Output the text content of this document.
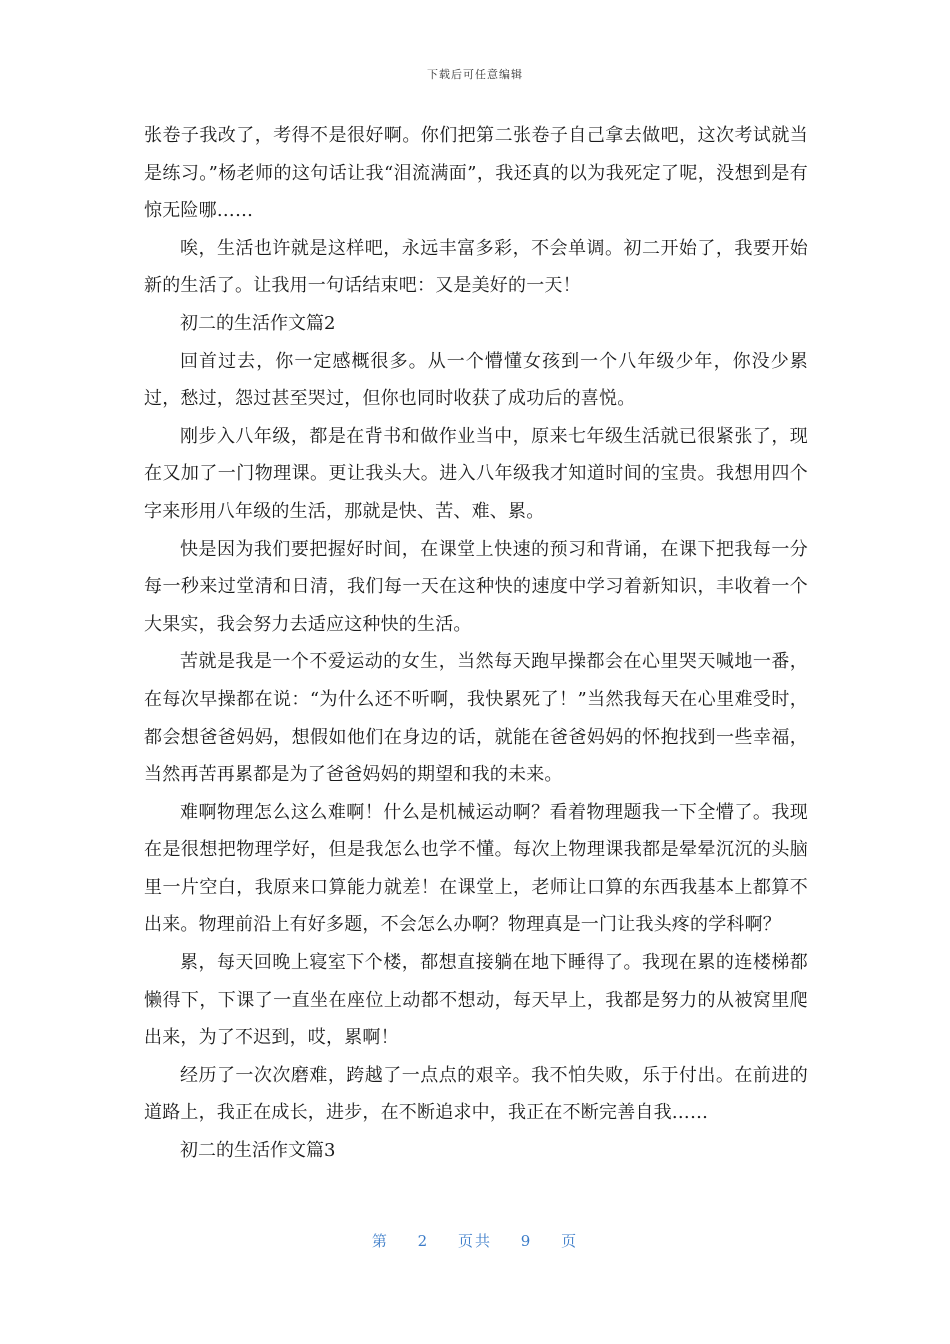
下载后可任意编辑

张卷子我改了，考得不是很好啊。你们把第二张卷子自己拿去做吧，这次考试就当是练习。”杨老师的这句话让我“泪流满面”，我还真的以为我死定了呢，没想到是有惊无险哪……

唉，生活也许就是这样吧，永远丰富多彩，不会单调。初二开始了，我要开始新的生活了。让我用一句话结束吧：又是美好的一天！

初二的生活作文篇2

回首过去，你一定感概很多。从一个懵懂女孩到一个八年级少年，你没少累过，愁过，怨过甚至哭过，但你也同时收获了成功后的喜悦。

刚步入八年级，都是在背书和做作业当中，原来七年级生活就已很紧张了，现在又加了一门物理课。更让我头大。进入八年级我才知道时间的宝贵。我想用四个字来形用八年级的生活，那就是快、苦、难、累。

快是因为我们要把握好时间，在课堂上快速的预习和背诵，在课下把我每一分每一秒来过堂清和日清，我们每一天在这种快的速度中学习着新知识，丰收着一个大果实，我会努力去适应这种快的生活。

苦就是我是一个不爱运动的女生，当然每天跑早操都会在心里哭天喊地一番，在每次早操都在说：“为什么还不听啊，我快累死了！”当然我每天在心里难受时，都会想爸爸妈妈，想假如他们在身边的话，就能在爸爸妈妈的怀抱找到一些幸福，当然再苦再累都是为了爸爸妈妈的期望和我的未来。

难啊物理怎么这么难啊！什么是机械运动啊？看着物理题我一下全懵了。我现在是很想把物理学好，但是我怎么也学不懂。每次上物理课我都是晕晕沉沉的头脑里一片空白，我原来口算能力就差！在课堂上，老师让口算的东西我基本上都算不出来。物理前沿上有好多题，不会怎么办啊？物理真是一门让我头疼的学科啊？

累，每天回晚上寝室下个楼，都想直接躺在地下睡得了。我现在累的连楼梯都懒得下，下课了一直坐在座位上动都不想动，每天早上，我都是努力的从被窝里爬出来，为了不迟到，哎，累啊！

经历了一次次磨难，跨越了一点点的艰辛。我不怕失败，乐于付出。在前进的道路上，我正在成长，进步，在不断追求中，我正在不断完善自我……

初二的生活作文篇3

第 2 页共 9 页
